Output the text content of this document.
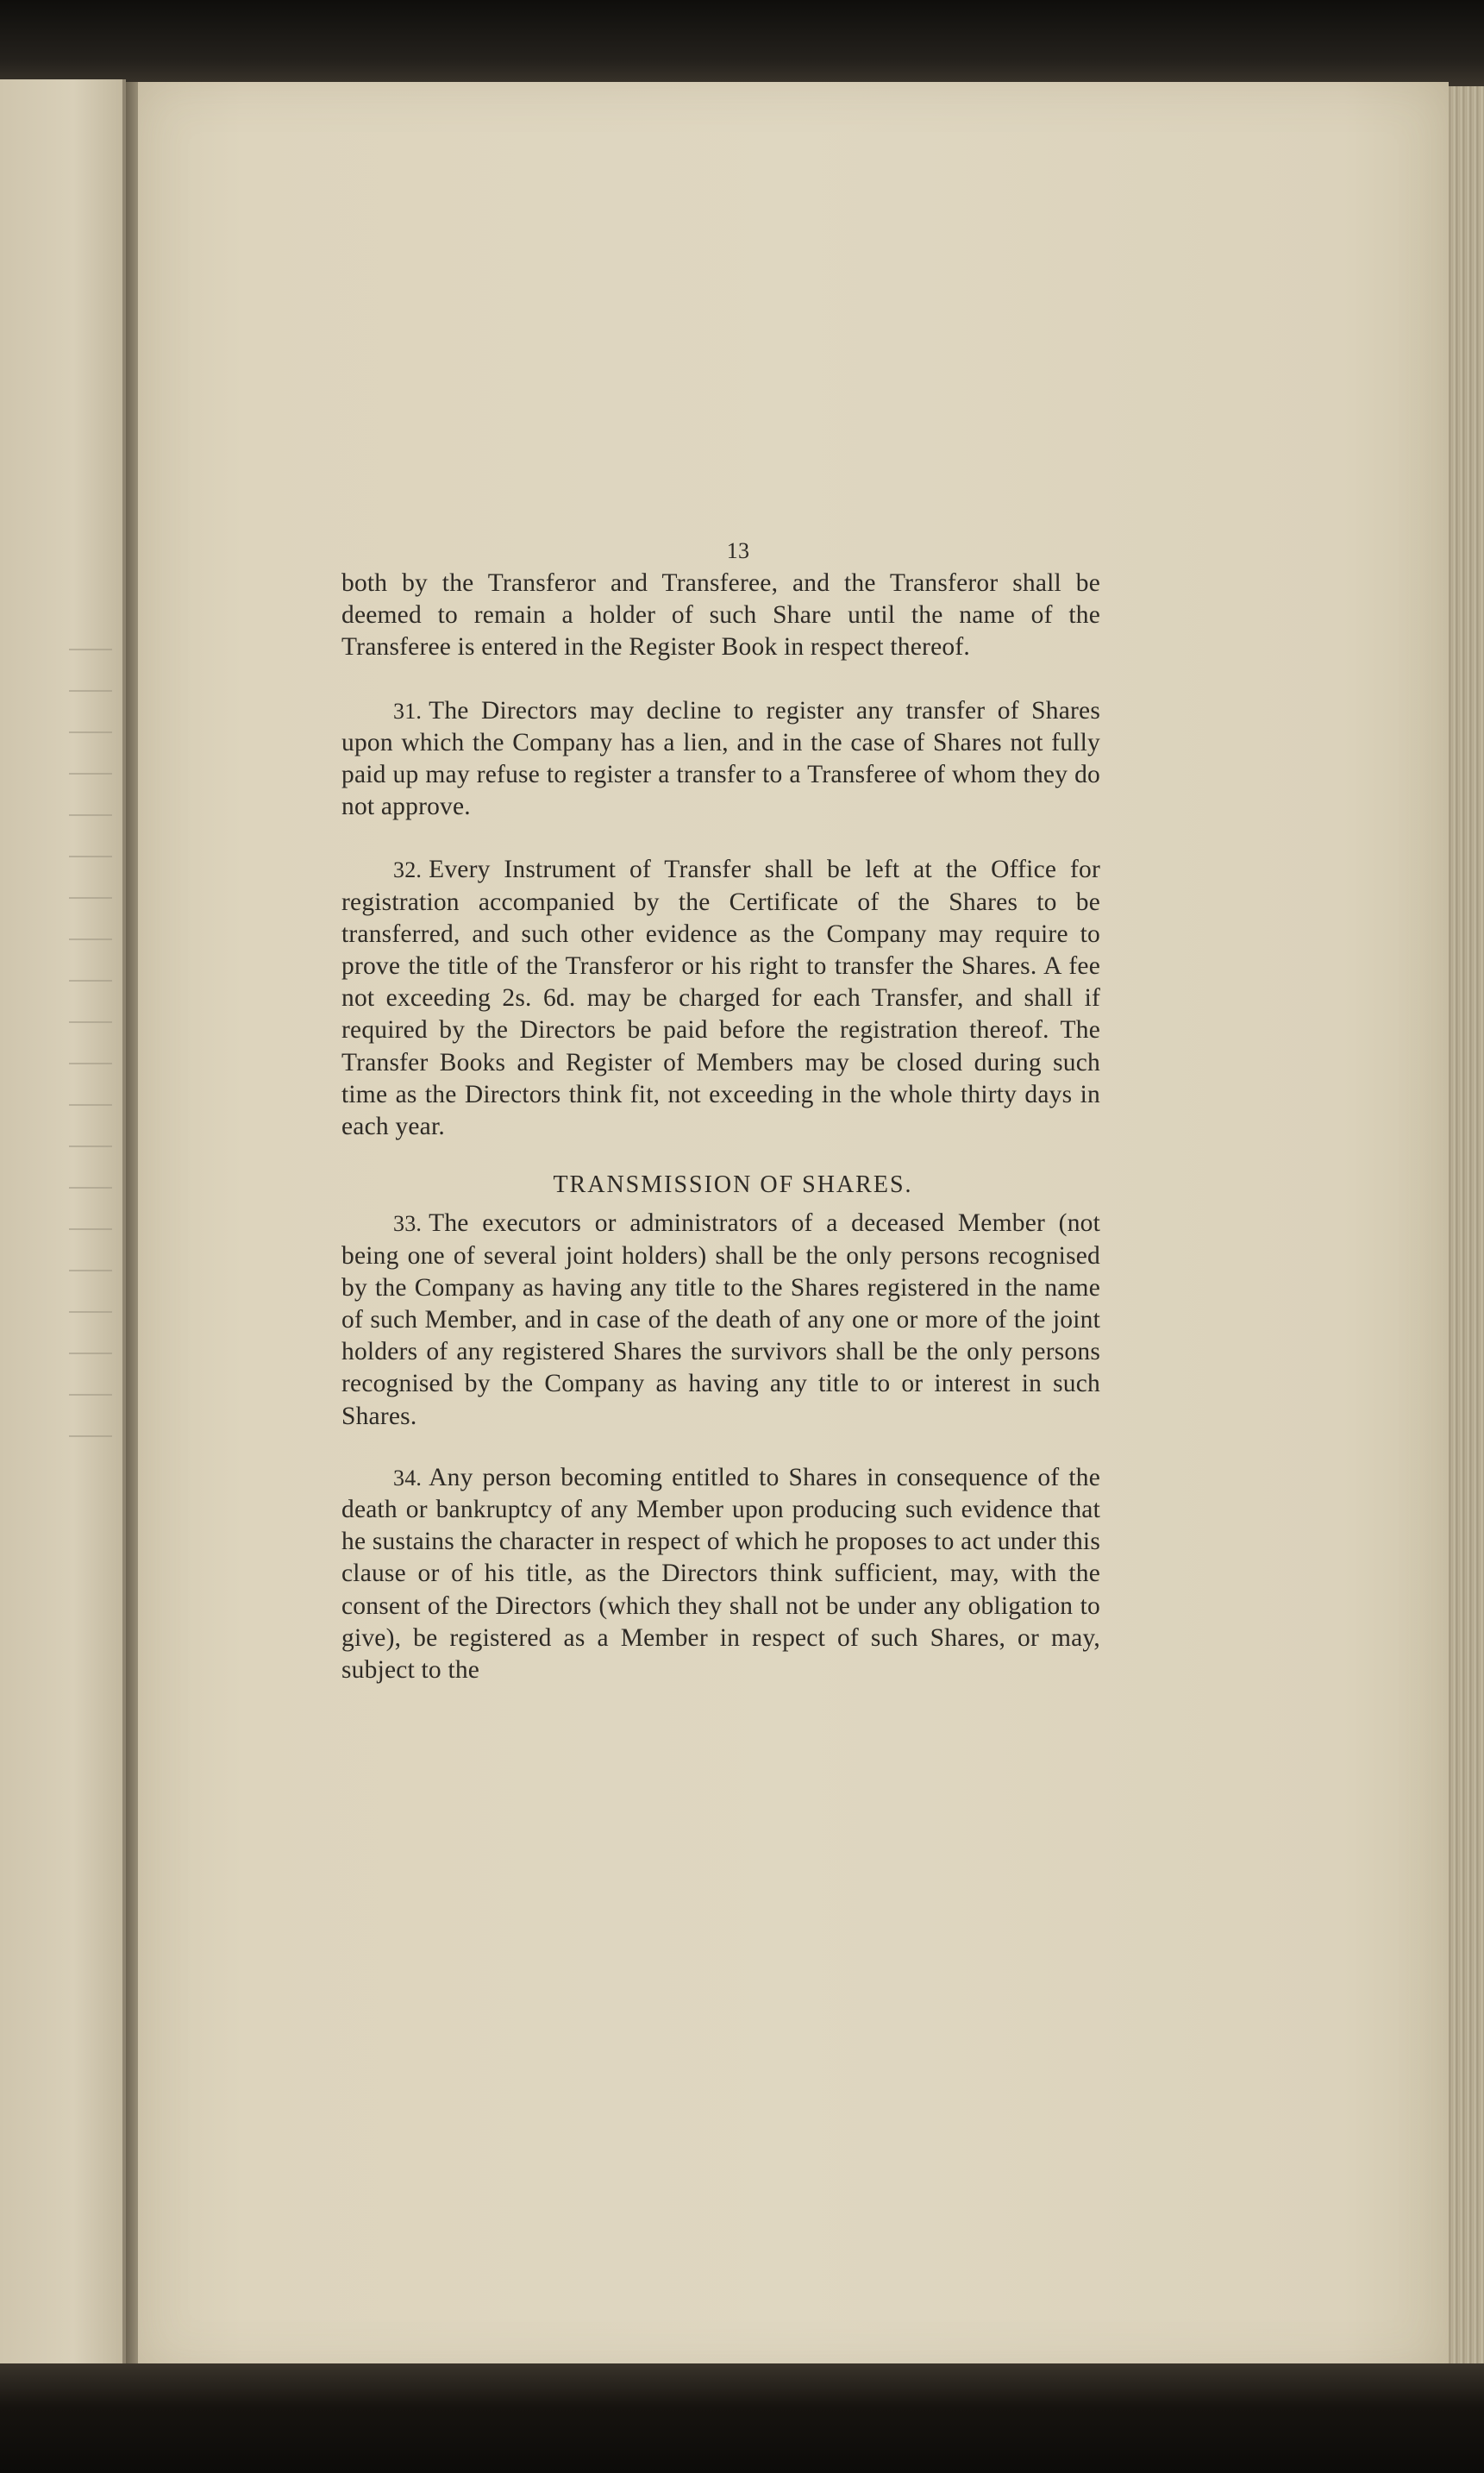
13

both by the Transferor and Transferee, and the Transferor shall be deemed to remain a holder of such Share until the name of the Transferee is entered in the Register Book in respect thereof.

31. The Directors may decline to register any transfer of Shares upon which the Company has a lien, and in the case of Shares not fully paid up may refuse to register a transfer to a Transferee of whom they do not approve.

32. Every Instrument of Transfer shall be left at the Office for registration accompanied by the Certificate of the Shares to be transferred, and such other evidence as the Company may require to prove the title of the Transferor or his right to transfer the Shares. A fee not exceeding 2s. 6d. may be charged for each Transfer, and shall if required by the Directors be paid before the registration thereof. The Transfer Books and Register of Members may be closed during such time as the Directors think fit, not exceeding in the whole thirty days in each year.

TRANSMISSION OF SHARES.

33. The executors or administrators of a deceased Member (not being one of several joint holders) shall be the only persons recognised by the Company as having any title to the Shares registered in the name of such Member, and in case of the death of any one or more of the joint holders of any registered Shares the survivors shall be the only persons recognised by the Company as having any title to or interest in such Shares.

34. Any person becoming entitled to Shares in consequence of the death or bankruptcy of any Member upon producing such evidence that he sustains the character in respect of which he proposes to act under this clause or of his title, as the Directors think sufficient, may, with the consent of the Directors (which they shall not be under any obligation to give), be registered as a Member in respect of such Shares, or may, subject to the
